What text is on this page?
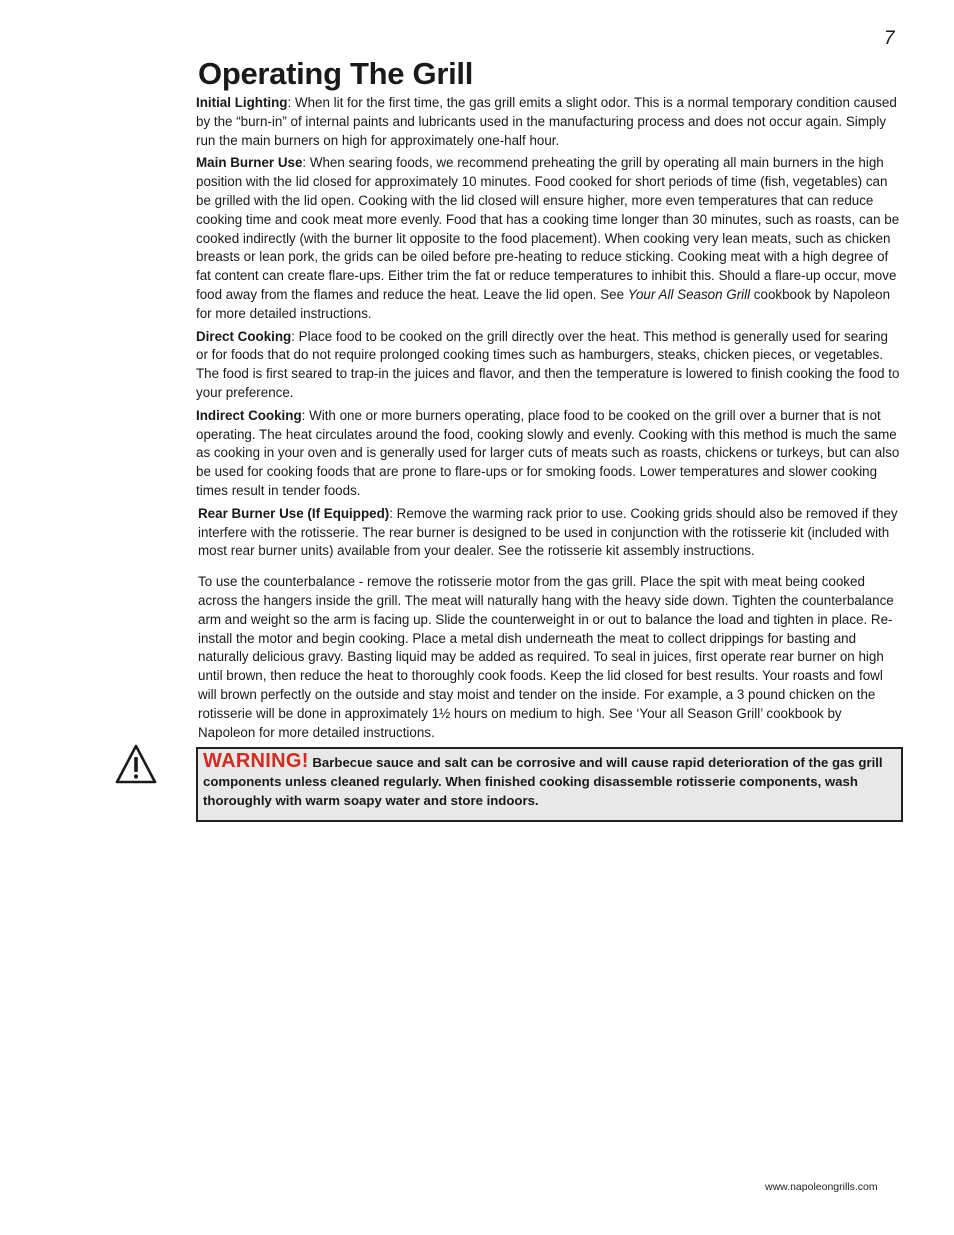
7
Operating The Grill

Initial Lighting: When lit for the first time, the gas grill emits a slight odor. This is a normal temporary condition caused by the “burn-in” of internal paints and lubricants used in the manufacturing process and does not occur again. Simply run the main burners on high for approximately one-half hour.

Main Burner Use: When searing foods, we recommend preheating the grill by operating all main burners in the high position with the lid closed for approximately 10 minutes. Food cooked for short periods of time (fish, vegetables) can be grilled with the lid open. Cooking with the lid closed will ensure higher, more even temperatures that can reduce cooking time and cook meat more evenly. Food that has a cooking time longer than 30 minutes, such as roasts, can be cooked indirectly (with the burner lit opposite to the food placement). When cooking very lean meats, such as chicken breasts or lean pork, the grids can be oiled before pre-heating to reduce sticking. Cooking meat with a high degree of fat content can create flare-ups. Either trim the fat or reduce temperatures to inhibit this. Should a flare-up occur, move food away from the flames and reduce the heat. Leave the lid open. See Your All Season Grill cookbook by Napoleon for more detailed instructions.

Direct Cooking: Place food to be cooked on the grill directly over the heat. This method is generally used for searing or for foods that do not require prolonged cooking times such as hamburgers, steaks, chicken pieces, or vegetables. The food is first seared to trap-in the juices and flavor, and then the temperature is lowered to finish cooking the food to your preference.

Indirect Cooking: With one or more burners operating, place food to be cooked on the grill over a burner that is not operating. The heat circulates around the food, cooking slowly and evenly. Cooking with this method is much the same as cooking in your oven and is generally used for larger cuts of meats such as roasts, chickens or turkeys, but can also be used for cooking foods that are prone to flare-ups or for smoking foods. Lower temperatures and slower cooking times result in tender foods.

Rear Burner Use (If Equipped): Remove the warming rack prior to use. Cooking grids should also be removed if they interfere with the rotisserie. The rear burner is designed to be used in conjunction with the rotisserie kit (included with most rear burner units) available from your dealer. See the rotisserie kit assembly instructions.

To use the counterbalance - remove the rotisserie motor from the gas grill. Place the spit with meat being cooked across the hangers inside the grill. The meat will naturally hang with the heavy side down. Tighten the counterbalance arm and weight so the arm is facing up. Slide the counterweight in or out to balance the load and tighten in place. Re-install the motor and begin cooking. Place a metal dish underneath the meat to collect drippings for basting and naturally delicious gravy. Basting liquid may be added as required. To seal in juices, first operate rear burner on high until brown, then reduce the heat to thoroughly cook foods. Keep the lid closed for best results. Your roasts and fowl will brown perfectly on the outside and stay moist and tender on the inside. For example, a 3 pound chicken on the rotisserie will be done in approximately 1½ hours on medium to high. See ‘Your all Season Grill’ cookbook by Napoleon for more detailed instructions.

WARNING! Barbecue sauce and salt can be corrosive and will cause rapid deterioration of the gas grill components unless cleaned regularly. When finished cooking disassemble rotisserie components, wash thoroughly with warm soapy water and store indoors.
www.napoleongrills.com
